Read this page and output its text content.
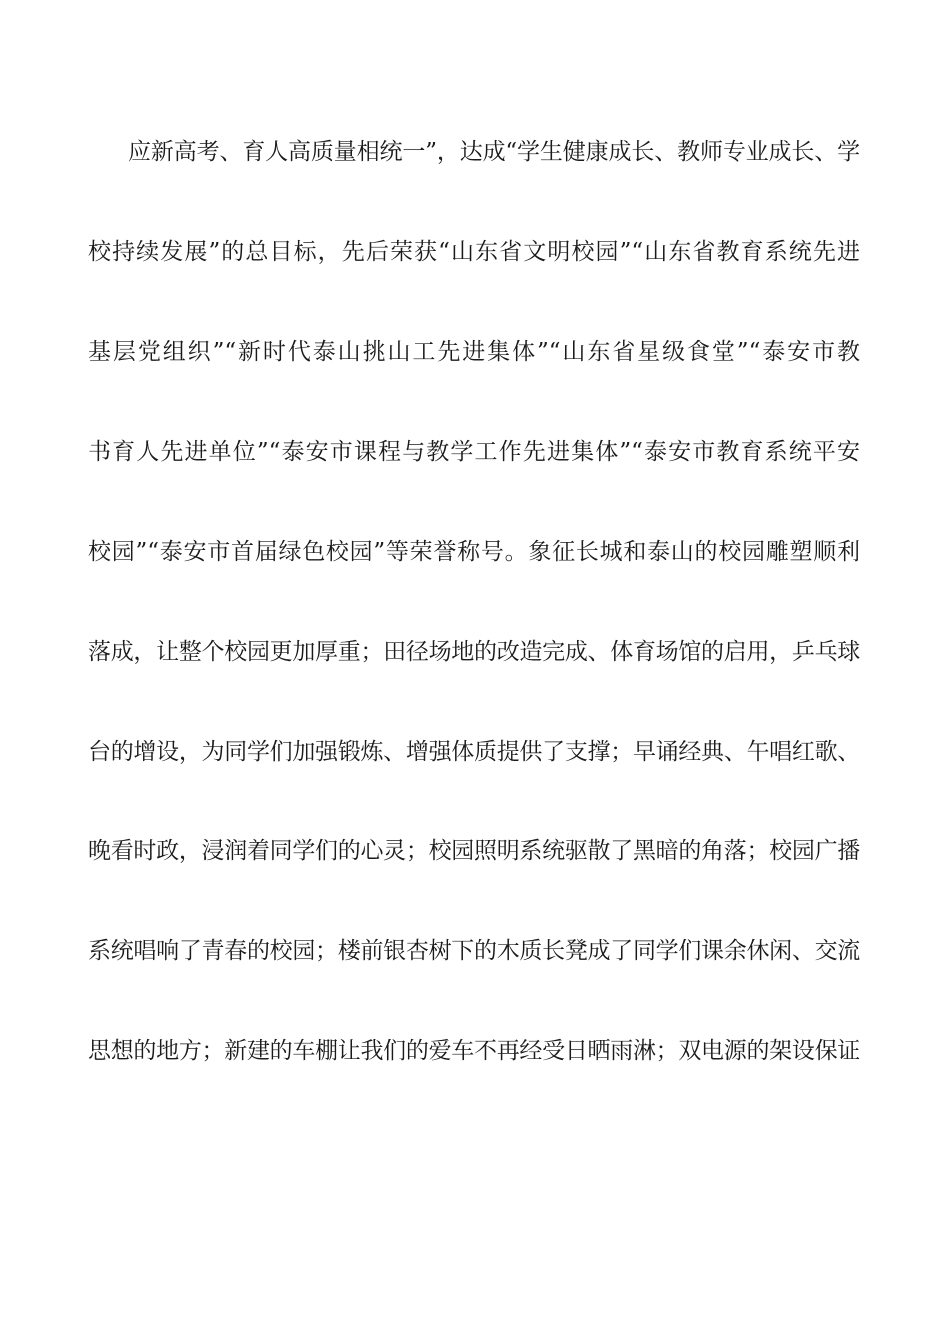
应新高考、育人高质量相统一”，达成“学生健康成长、教师专业成长、学
校持续发展”的总目标，先后荣获“山东省文明校园”“山东省教育系统先进
基层党组织”“新时代泰山挑山工先进集体”“山东省星级食堂”“泰安市教
书育人先进单位”“泰安市课程与教学工作先进集体”“泰安市教育系统平安
校园”“泰安市首届绿色校园”等荣誉称号。象征长城和泰山的校园雕塑顺利
落成，让整个校园更加厚重；田径场地的改造完成、体育场馆的启用，乒乓球
台的增设，为同学们加强锻炼、增强体质提供了支撑；早诵经典、午唱红歌、
晚看时政，浸润着同学们的心灵；校园照明系统驱散了黑暗的角落；校园广播
系统唱响了青春的校园；楼前银杏树下的木质长凳成了同学们课余休闲、交流
思想的地方；新建的车棚让我们的爱车不再经受日晒雨淋；双电源的架设保证
